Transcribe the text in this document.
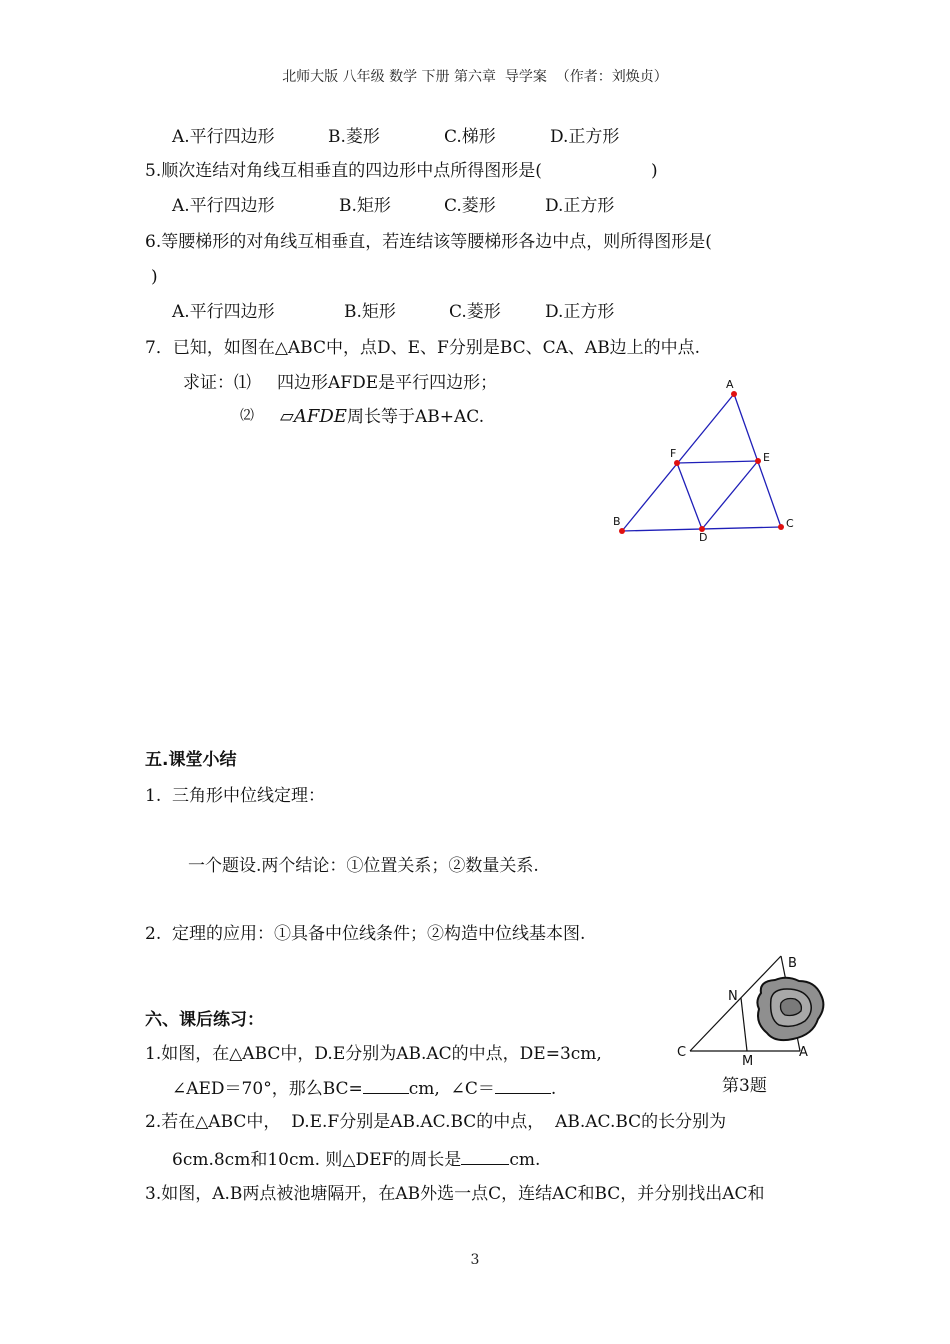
北师大版 八年级 数学 下册 第六章  导学案  （作者：刘焕贞）
A.平行四边形	B.菱形	C.梯形	D.正方形
5.顺次连结对角线互相垂直的四边形中点所得图形是(	)
A.平行四边形	B.矩形	C.菱形	D.正方形
6.等腰梯形的对角线互相垂直，若连结该等腰梯形各边中点，则所得图形是(
)
A.平行四边形	B.矩形	C.菱形	D.正方形
7．已知，如图在△ABC中，点D、E、F分别是BC、CA、AB边上的中点.
求证：⑴ 四边形AFDE是平行四边形；
⑵ ▱AFDE 周长等于AB+AC.
A
B	C
D
E
F
五.课堂小结
1.  三角形中位线定理：
一个题设.两个结论：①位置关系；②数量关系.
2.  定理的应用：①具备中位线条件；②构造中位线基本图.
六、课后练习：
1.如图，在△ABC中，D.E分别为AB.AC的中点，DE=3cm,
∠AED＝70°，那么BC=	cm,  ∠C＝	.
2.若在△ABC中，  D.E.F分别是AB.AC.BC的中点，  AB.AC.BC的长分别为
6cm.8cm和10cm. 则△DEF的周长是	cm.
3.如图，A.B两点被池塘隔开，在AB外选一点C，连结AC和BC，并分别找出AC和
B
N
C
M
A
第3题
3
